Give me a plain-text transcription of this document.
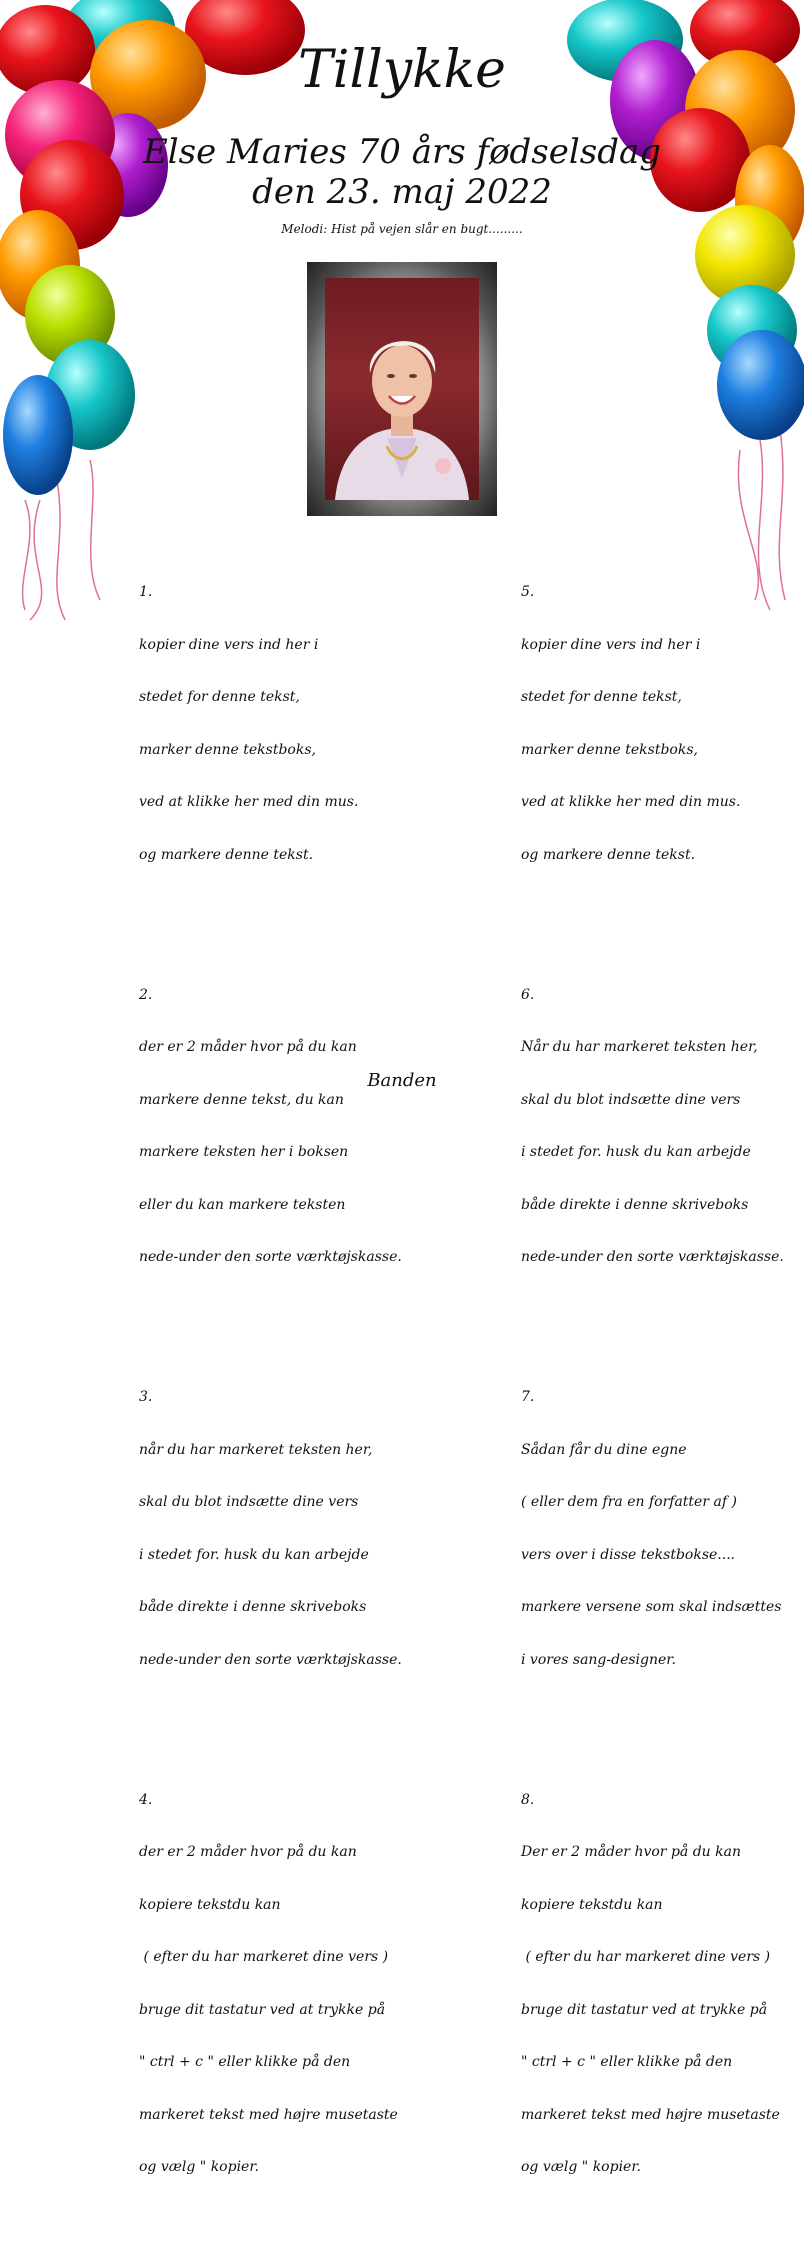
Tillykke
Else Maries 70 års fødselsdag
den 23. maj 2022
Melodi: Hist på vejen slår en bugt.........

1.

kopier dine vers ind her i

stedet for denne tekst,

marker denne tekstboks,

ved at klikke her med din mus.

og markere denne tekst.

2.

der er 2 måder hvor på du kan

markere denne tekst, du kan

markere teksten her i boksen

eller du kan markere teksten

nede-under den sorte værktøjskasse.

3.

når du har markeret teksten her,

skal du blot indsætte dine vers

i stedet for. husk du kan arbejde

både direkte i denne skriveboks

nede-under den sorte værktøjskasse.

4.

der er 2 måder hvor på du kan

kopiere tekstdu kan

( efter du har markeret dine vers )

bruge dit tastatur ved at trykke på

" ctrl + c " eller klikke på den

markeret tekst med højre musetaste

og vælg " kopier.

5.

kopier dine vers ind her i

stedet for denne tekst,

marker denne tekstboks,

ved at klikke her med din mus.

og markere denne tekst.

6.

Når du har markeret teksten her,

skal du blot indsætte dine vers

i stedet for. husk du kan arbejde

både direkte i denne skriveboks

nede-under den sorte værktøjskasse.

7.

Sådan får du dine egne

( eller dem fra en forfatter af )

vers over i disse tekstbokse....

markere versene som skal indsættes

i vores sang-designer.

8.

Der er 2 måder hvor på du kan

kopiere tekstdu kan

( efter du har markeret dine vers )

bruge dit tastatur ved at trykke på

" ctrl + c " eller klikke på den

markeret tekst med højre musetaste

og vælg " kopier.

Banden
